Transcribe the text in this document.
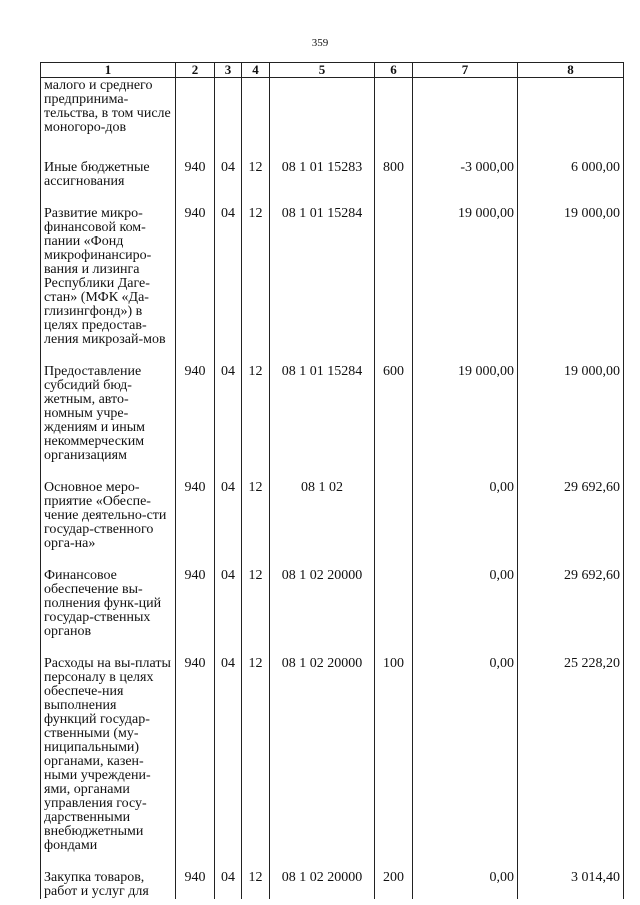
359
1	2	3	4	5	6	7	8
малого и среднего предпринима-тельства, в том числе моногоро-дов							
Иные бюджетные ассигнования	940	04	12	08 1 01 15283	800	-3 000,00	6 000,00
Развитие микро-финансовой ком-пании «Фонд микрофинансиро-вания и лизинга Республики Даге-стан» (МФК «Да-глизингфонд») в целях предостав-ления микрозай-мов	940	04	12	08 1 01 15284		19 000,00	19 000,00
Предоставление субсидий бюд-жетным, авто-номным учре-ждениям и иным некоммерческим организациям	940	04	12	08 1 01 15284	600	19 000,00	19 000,00
Основное меро-приятие «Обеспе-чение деятельно-сти государ-ственного орга-на»	940	04	12	08 1 02		0,00	29 692,60
Финансовое обеспечение вы-полнения функ-ций государ-ственных органов	940	04	12	08 1 02 20000		0,00	29 692,60
Расходы на вы-платы персоналу в целях обеспече-ния выполнения функций государ-ственными (му-ниципальными) органами, казен-ными учреждени-ями, органами управления госу-дарственными внебюджетными фондами	940	04	12	08 1 02 20000	100	0,00	25 228,20
Закупка товаров, работ и услуг для	940	04	12	08 1 02 20000	200	0,00	3 014,40
